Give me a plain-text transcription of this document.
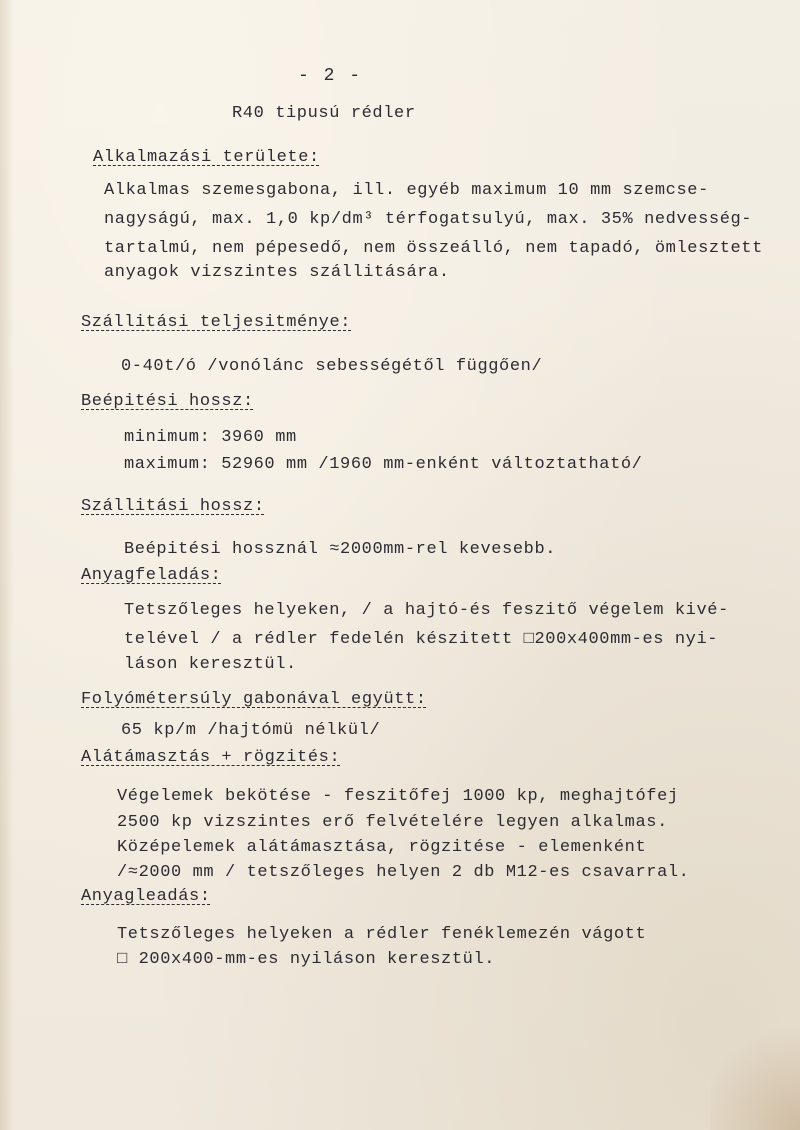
- 2 -
R40 tipusú rédler
Alkalmazási területe:
Alkalmas szemesgabona, ill. egyéb maximum 10 mm szemcse-
nagyságú, max. 1,0 kp/dm³ térfogatsulyú, max. 35% nedvesség-
tartalmú, nem pépesedő, nem összeálló, nem tapadó, ömlesztett
anyagok vizszintes szállitására.
Szállitási teljesitménye:
0-40t/ó /vonólánc sebességétől függően/
Beépitési hossz:
minimum: 3960 mm
maximum: 52960 mm /1960 mm-enként változtatható/
Szállitási hossz:
Beépitési hossznál ≈2000mm-rel kevesebb.
Anyagfeladás:
Tetszőleges helyeken, / a hajtó-és feszitő végelem kivé-
telével / a rédler fedelén készitett □200x400mm-es nyi-
láson keresztül.
Folyómétersúly gabonával együtt:
65 kp/m /hajtómü nélkül/
Alátámasztás + rögzités:
Végelemek bekötése - feszitőfej 1000 kp, meghajtófej
2500 kp vizszintes erő felvételére legyen alkalmas.
Középelemek alátámasztása, rögzitése - elemenként
/≈2000 mm / tetszőleges helyen 2 db M12-es csavarral.
Anyagleadás:
Tetszőleges helyeken a rédler fenéklemezén vágott
□ 200x400-mm-es nyiláson keresztül.
